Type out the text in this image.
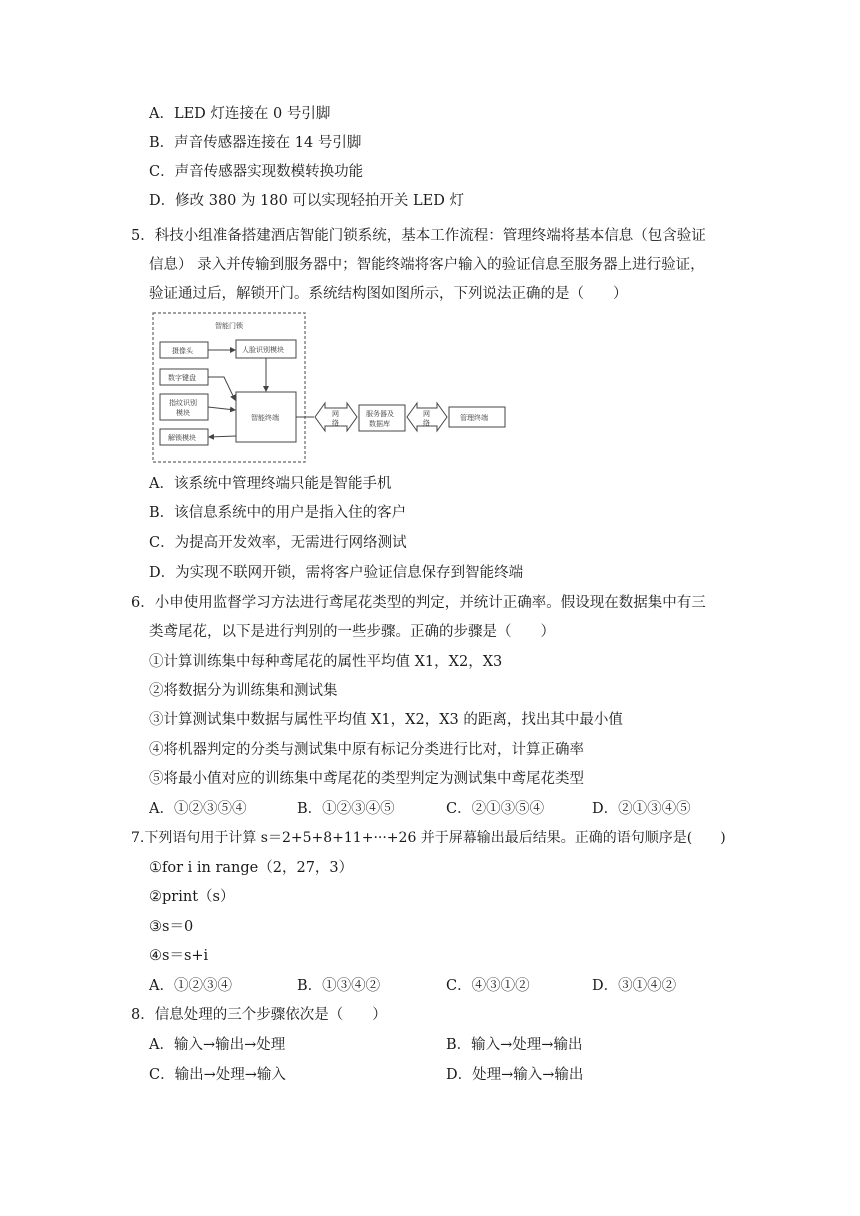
A．LED 灯连接在 0 号引脚
B．声音传感器连接在 14 号引脚
C．声音传感器实现数模转换功能
D．修改 380 为 180 可以实现轻拍开关 LED 灯
5．科技小组准备搭建酒店智能门锁系统，基本工作流程：管理终端将基本信息（包含验证
信息） 录入并传输到服务器中；智能终端将客户输入的验证信息至服务器上进行验证，
验证通过后，解锁开门。系统结构图如图所示，下列说法正确的是（　　）
智能门锁
摄像头	人脸识别模块
数字键盘
指纹识别
模块
解锁模块
智能终端	网
络
服务器及
数据库
网
络
管理终端
A．该系统中管理终端只能是智能手机
B．该信息系统中的用户是指入住的客户
C．为提高开发效率，无需进行网络测试
D．为实现不联网开锁，需将客户验证信息保存到智能终端
6．小申使用监督学习方法进行鸢尾花类型的判定，并统计正确率。假设现在数据集中有三
类鸢尾花，以下是进行判别的一些步骤。正确的步骤是（　　）
①计算训练集中每种鸢尾花的属性平均值 X1，X2，X3
②将数据分为训练集和测试集
③计算测试集中数据与属性平均值 X1，X2，X3 的距离，找出其中最小值
④将机器判定的分类与测试集中原有标记分类进行比对，计算正确率
⑤将最小值对应的训练集中鸢尾花的类型判定为测试集中鸢尾花类型
A．①②③⑤④	B．①②③④⑤	C．②①③⑤④	D．②①③④⑤
7.下列语句用于计算 s＝2+5+8+11+···+26 并于屏幕输出最后结果。正确的语句顺序是(　　)
①for i in range（2，27，3）
②print（s）
③s＝0
④s＝s+i
A．①②③④	B．①③④②	C．④③①②	D．③①④②
8．信息处理的三个步骤依次是（　　）
A．输入→输出→处理	B．输入→处理→输出
C．输出→处理→输入	D．处理→输入→输出
